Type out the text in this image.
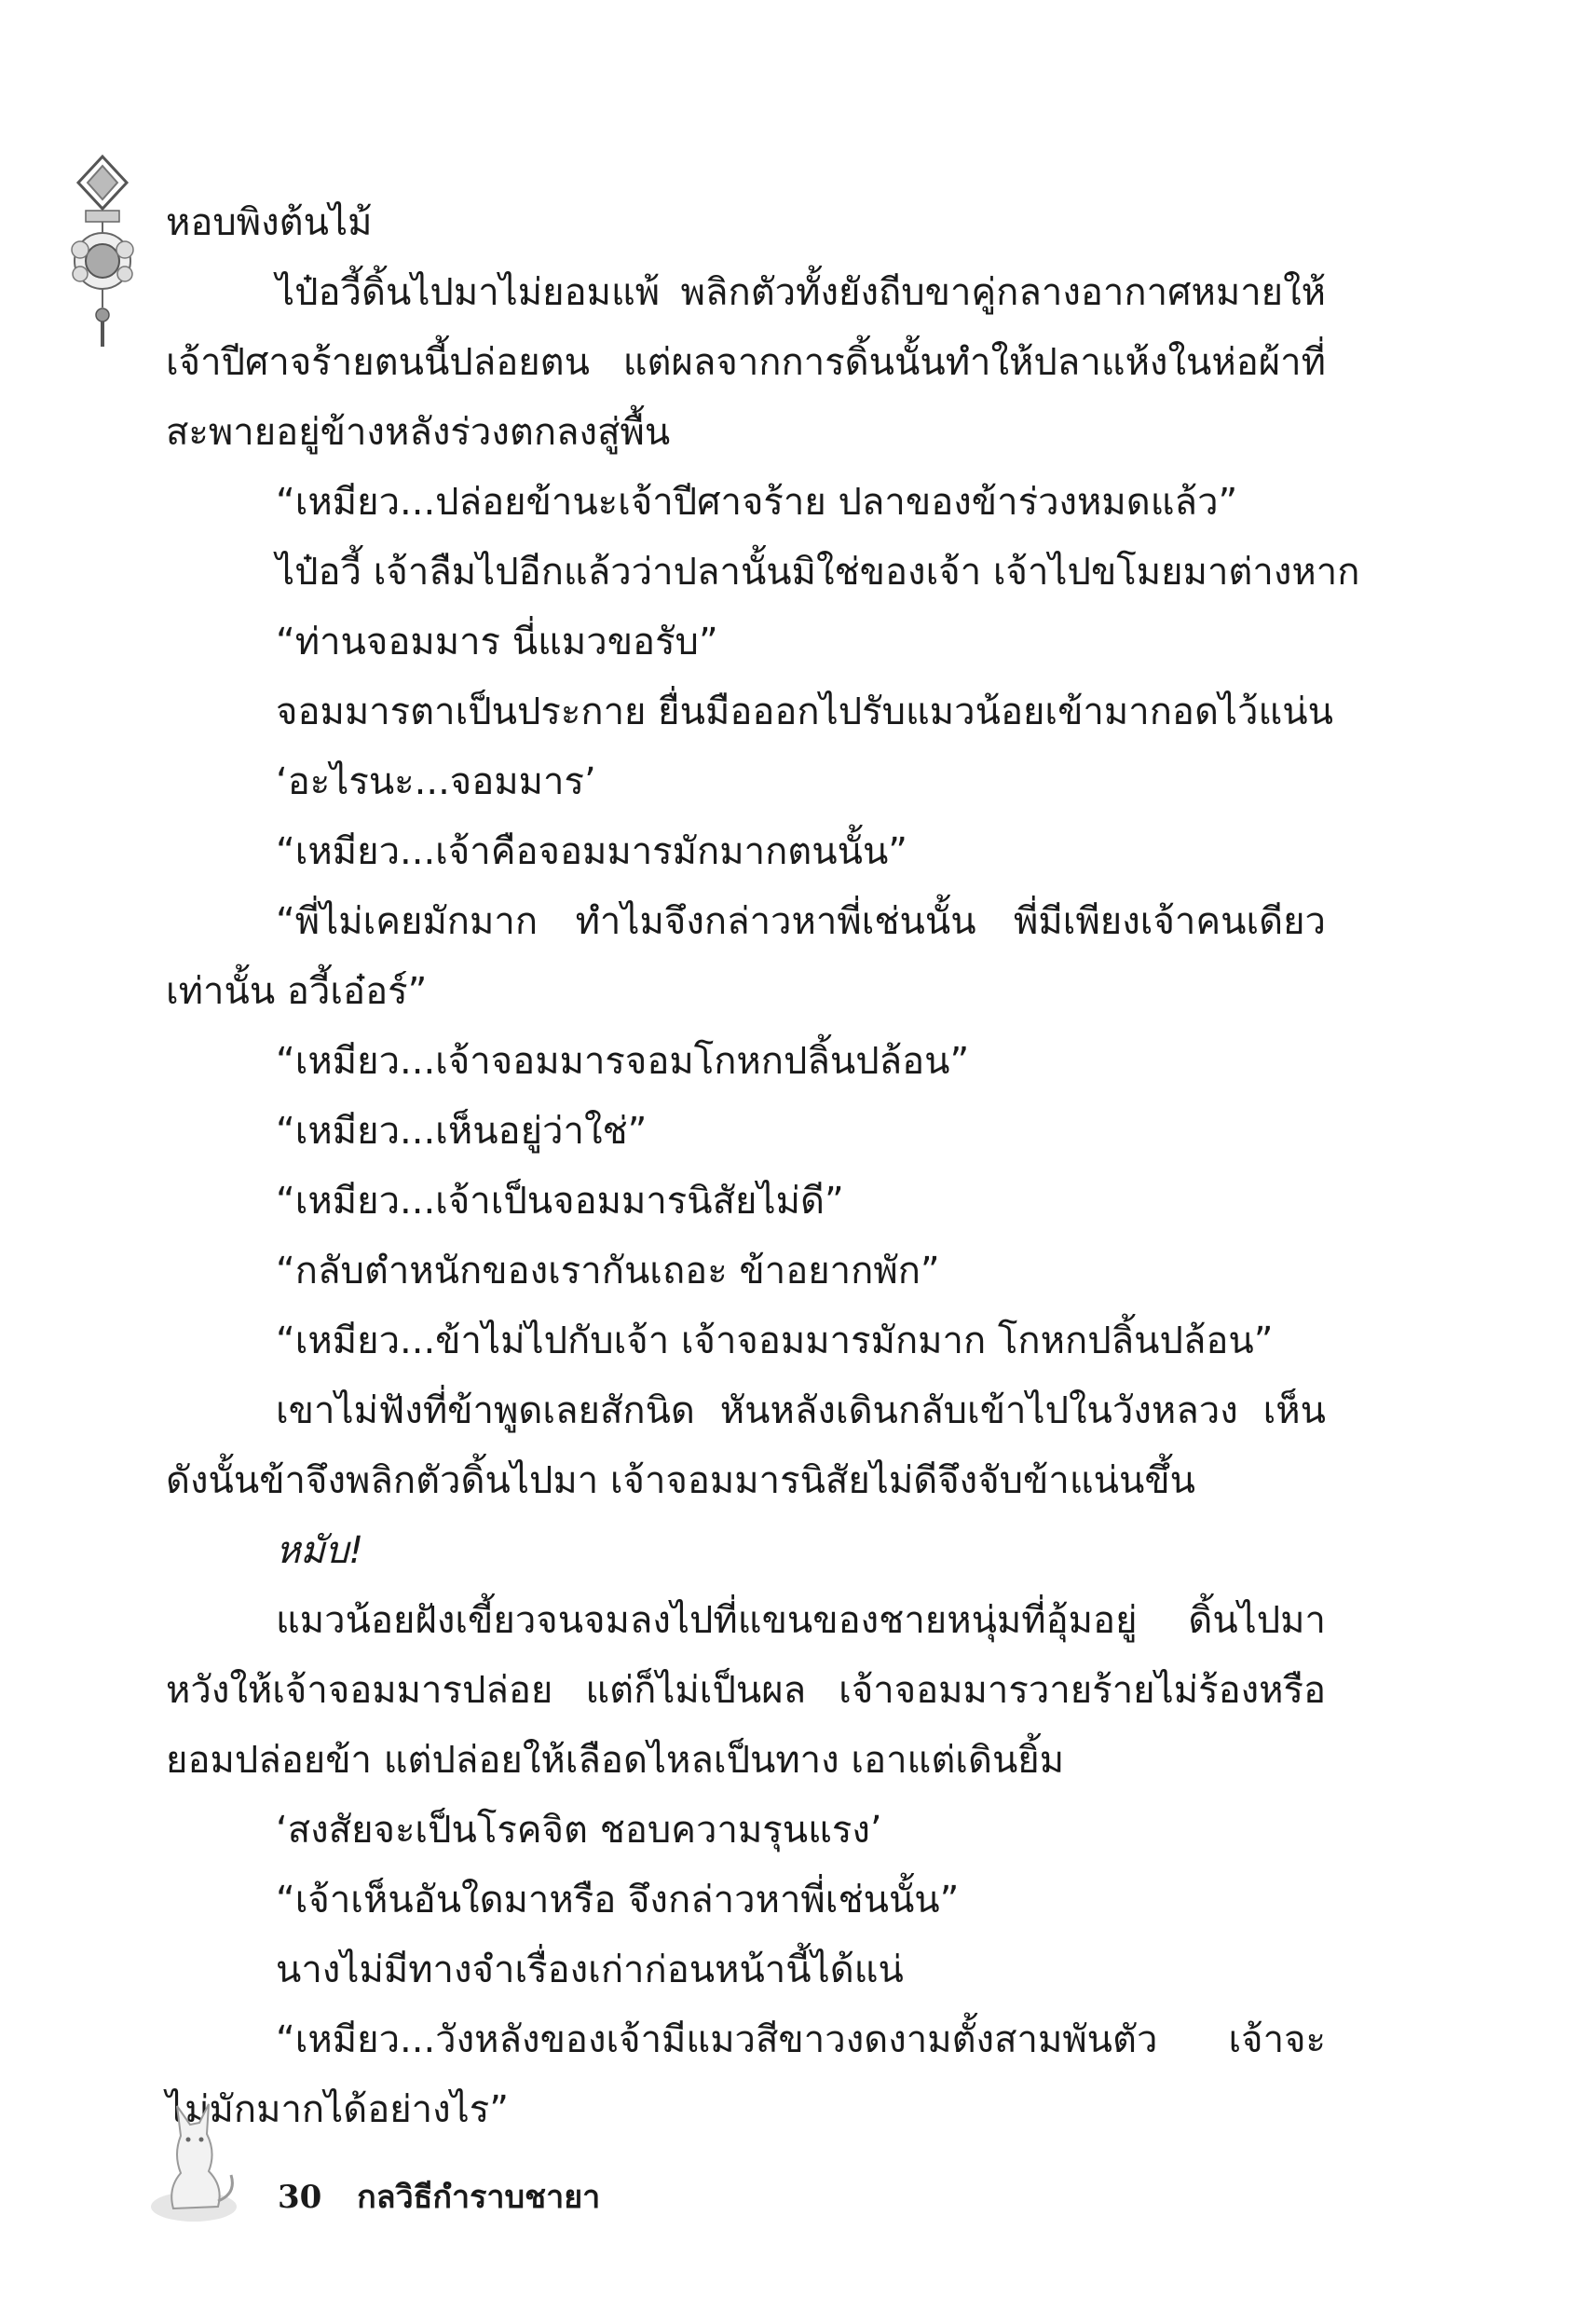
หอบพิงต้นไม้
ไป๋อวี้ดิ้นไปมาไม่ยอมแพ้ พลิกตัวทั้งยังถีบขาคู่กลางอากาศหมายให้
เจ้าปีศาจร้ายตนนี้ปล่อยตน แต่ผลจากการดิ้นนั้นทำให้ปลาแห้งในห่อผ้าที่
สะพายอยู่ข้างหลังร่วงตกลงสู่พื้น
“เหมียว...ปล่อยข้านะเจ้าปีศาจร้าย ปลาของข้าร่วงหมดแล้ว”
ไป๋อวี้ เจ้าลืมไปอีกแล้วว่าปลานั้นมิใช่ของเจ้า เจ้าไปขโมยมาต่างหาก
“ท่านจอมมาร นี่แมวขอรับ”
จอมมารตาเป็นประกาย ยื่นมือออกไปรับแมวน้อยเข้ามากอดไว้แน่น
‘อะไรนะ...จอมมาร’
“เหมียว...เจ้าคือจอมมารมักมากตนนั้น”
“พี่ไม่เคยมักมาก ทำไมจึงกล่าวหาพี่เช่นนั้น พี่มีเพียงเจ้าคนเดียว
เท่านั้น อวี้เอ๋อร์”
“เหมียว...เจ้าจอมมารจอมโกหกปลิ้นปล้อน”
“เหมียว...เห็นอยู่ว่าใช่”
“เหมียว...เจ้าเป็นจอมมารนิสัยไม่ดี”
“กลับตำหนักของเรากันเถอะ ข้าอยากพัก”
“เหมียว...ข้าไม่ไปกับเจ้า เจ้าจอมมารมักมาก โกหกปลิ้นปล้อน”
เขาไม่ฟังที่ข้าพูดเลยสักนิด หันหลังเดินกลับเข้าไปในวังหลวง เห็น
ดังนั้นข้าจึงพลิกตัวดิ้นไปมา เจ้าจอมมารนิสัยไม่ดีจึงจับข้าแน่นขึ้น
หมับ!
แมวน้อยฝังเขี้ยวจนจมลงไปที่แขนของชายหนุ่มที่อุ้มอยู่ ดิ้นไปมา
หวังให้เจ้าจอมมารปล่อย แต่ก็ไม่เป็นผล เจ้าจอมมารวายร้ายไม่ร้องหรือ
ยอมปล่อยข้า แต่ปล่อยให้เลือดไหลเป็นทาง เอาแต่เดินยิ้ม
‘สงสัยจะเป็นโรคจิต ชอบความรุนแรง’
“เจ้าเห็นอันใดมาหรือ จึงกล่าวหาพี่เช่นนั้น”
นางไม่มีทางจำเรื่องเก่าก่อนหน้านี้ได้แน่
“เหมียว...วังหลังของเจ้ามีแมวสีขาวงดงามตั้งสามพันตัว เจ้าจะ
ไม่มักมากได้อย่างไร”
30 กลวิธีกำราบชายา
